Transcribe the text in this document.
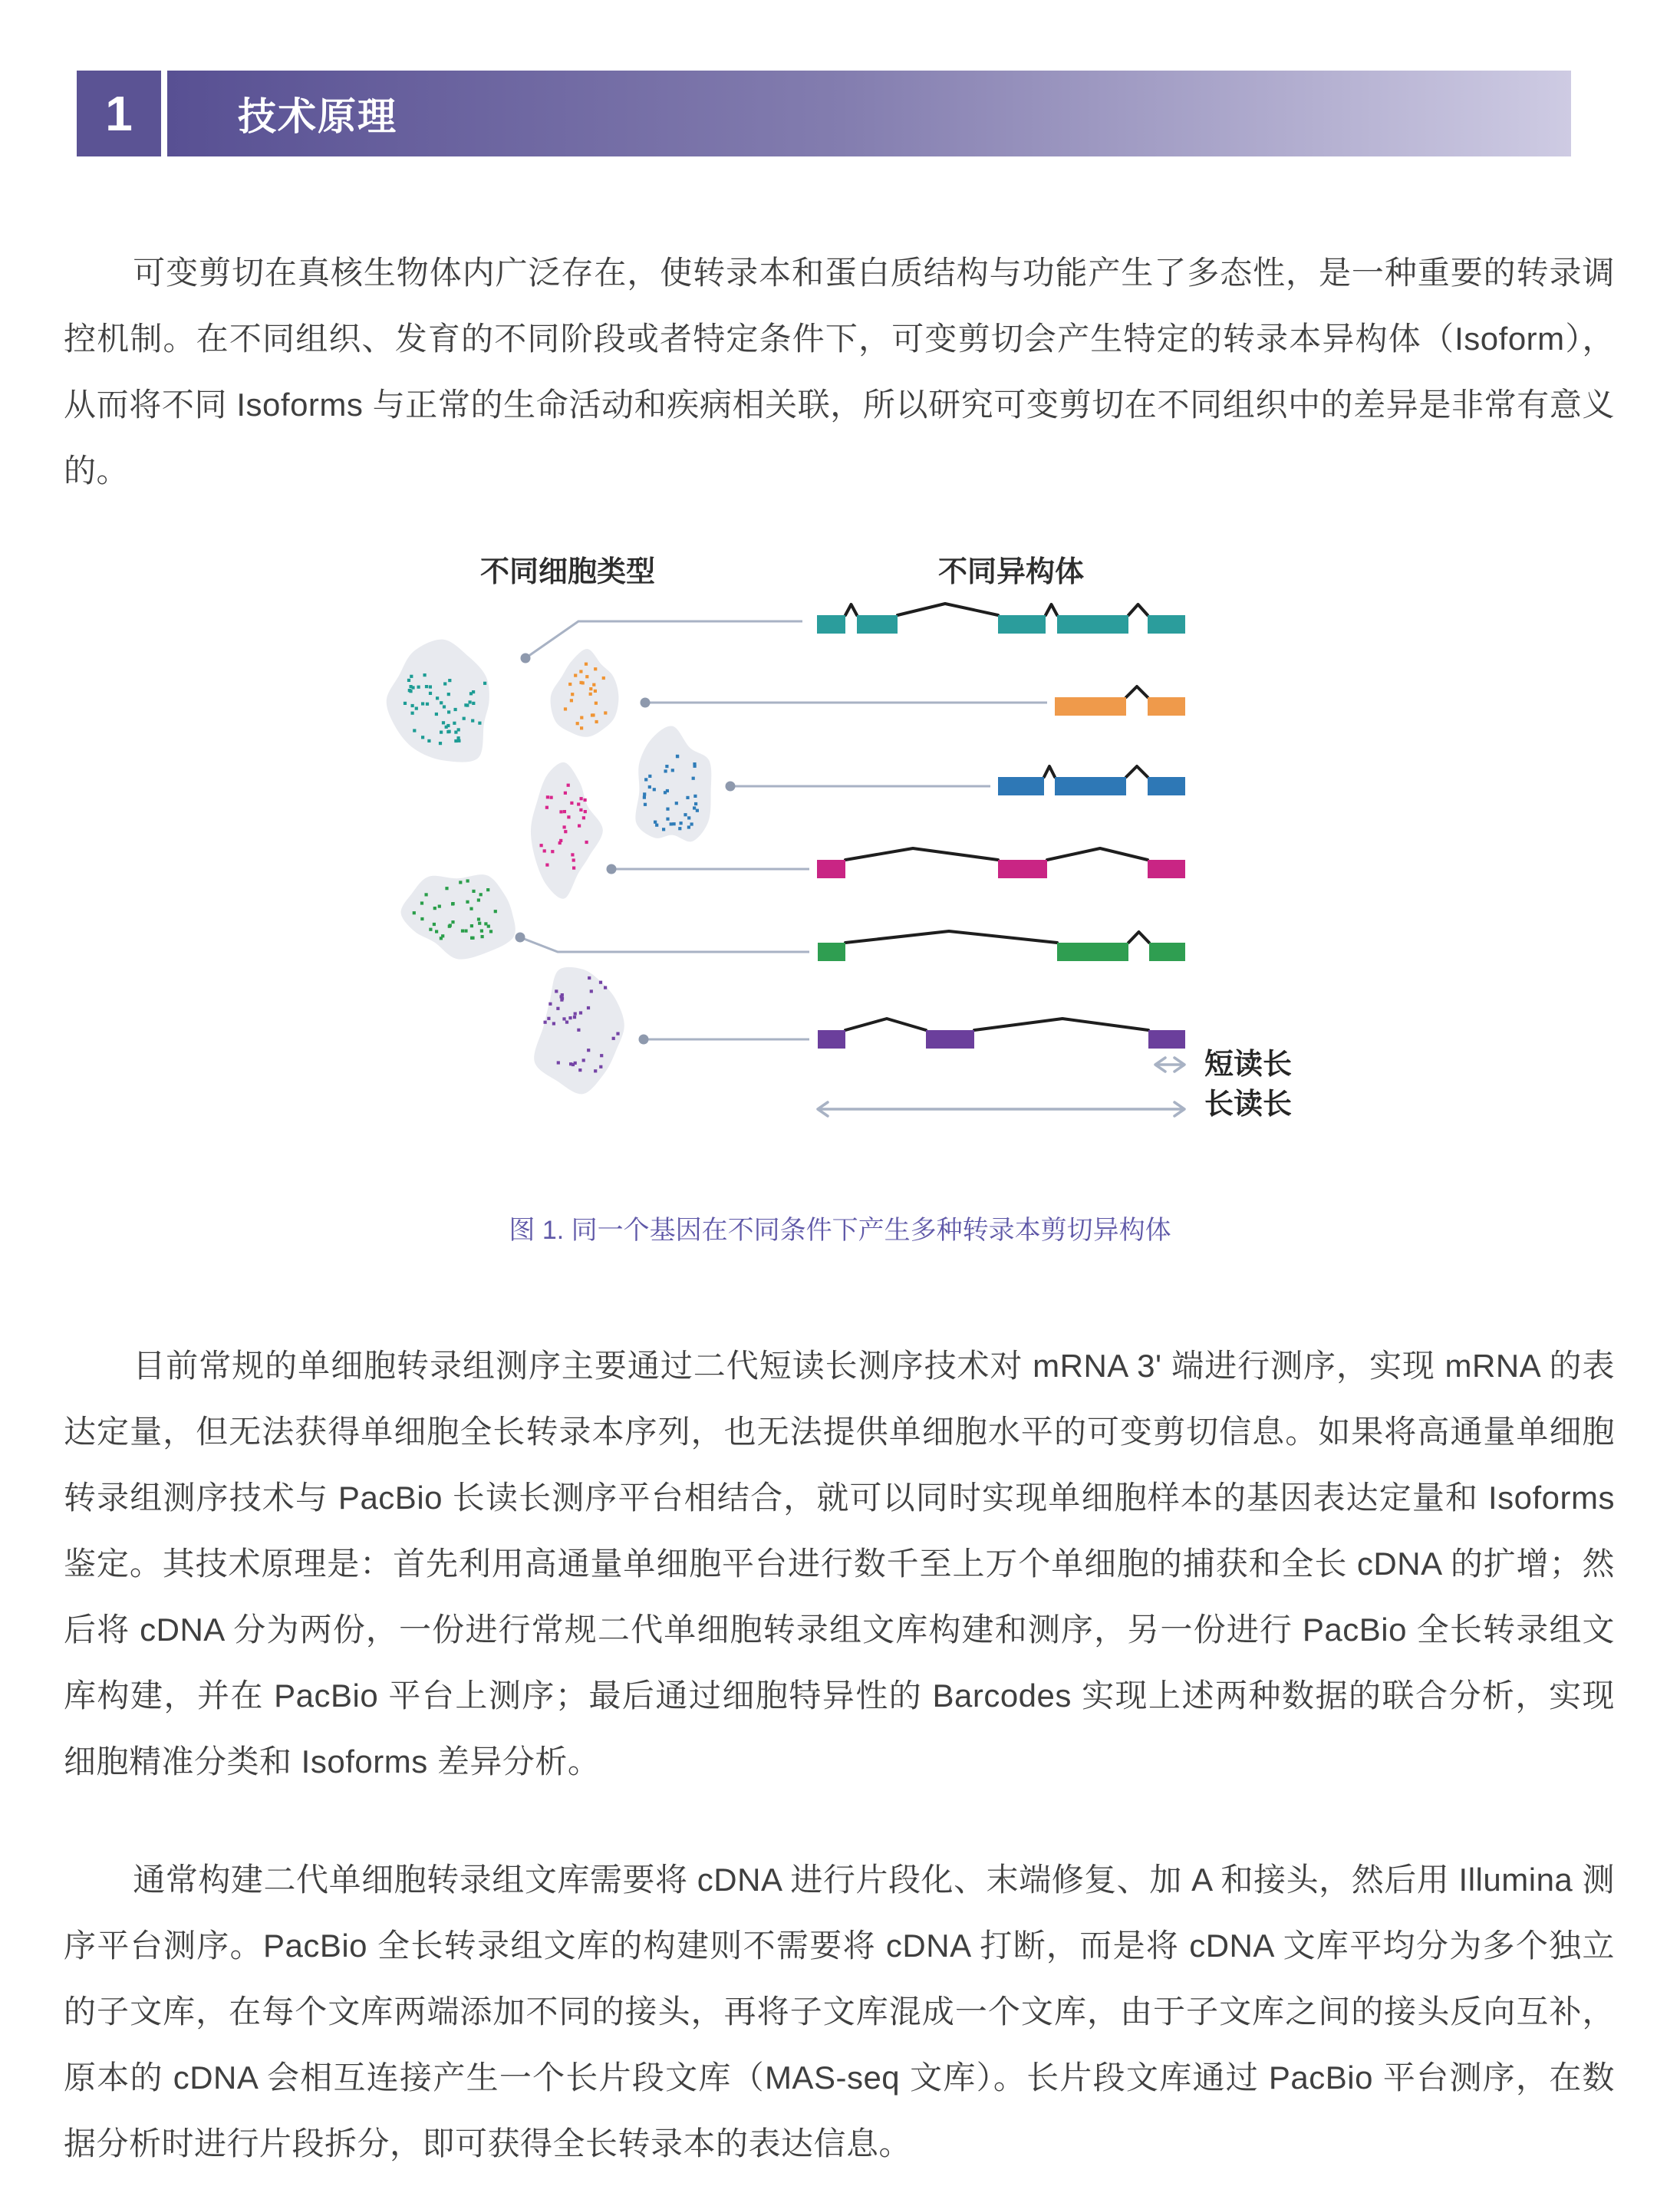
1	技术原理

可变剪切在真核生物体内广泛存在，使转录本和蛋白质结构与功能产生了多态性，是一种重要的转录调控机制。在不同组织、发育的不同阶段或者特定条件下，可变剪切会产生特定的转录本异构体（Isoform），从而将不同 Isoforms 与正常的生命活动和疾病相关联，所以研究可变剪切在不同组织中的差异是非常有意义的。

短读长
长读长
不同细胞类型	不同异构体
图 1. 同一个基因在不同条件下产生多种转录本剪切异构体

目前常规的单细胞转录组测序主要通过二代短读长测序技术对 mRNA 3' 端进行测序，实现 mRNA 的表达定量，但无法获得单细胞全长转录本序列，也无法提供单细胞水平的可变剪切信息。如果将高通量单细胞转录组测序技术与 PacBio 长读长测序平台相结合，就可以同时实现单细胞样本的基因表达定量和 Isoforms 鉴定。其技术原理是：首先利用高通量单细胞平台进行数千至上万个单细胞的捕获和全长 cDNA 的扩增；然后将 cDNA 分为两份，一份进行常规二代单细胞转录组文库构建和测序，另一份进行 PacBio 全长转录组文库构建，并在 PacBio 平台上测序；最后通过细胞特异性的 Barcodes 实现上述两种数据的联合分析，实现细胞精准分类和 Isoforms 差异分析。

通常构建二代单细胞转录组文库需要将 cDNA 进行片段化、末端修复、加 A 和接头，然后用 Illumina 测序平台测序。PacBio 全长转录组文库的构建则不需要将 cDNA 打断，而是将 cDNA 文库平均分为多个独立的子文库，在每个文库两端添加不同的接头，再将子文库混成一个文库，由于子文库之间的接头反向互补，原本的 cDNA 会相互连接产生一个长片段文库（MAS-seq 文库）。长片段文库通过 PacBio 平台测序，在数据分析时进行片段拆分，即可获得全长转录本的表达信息。
